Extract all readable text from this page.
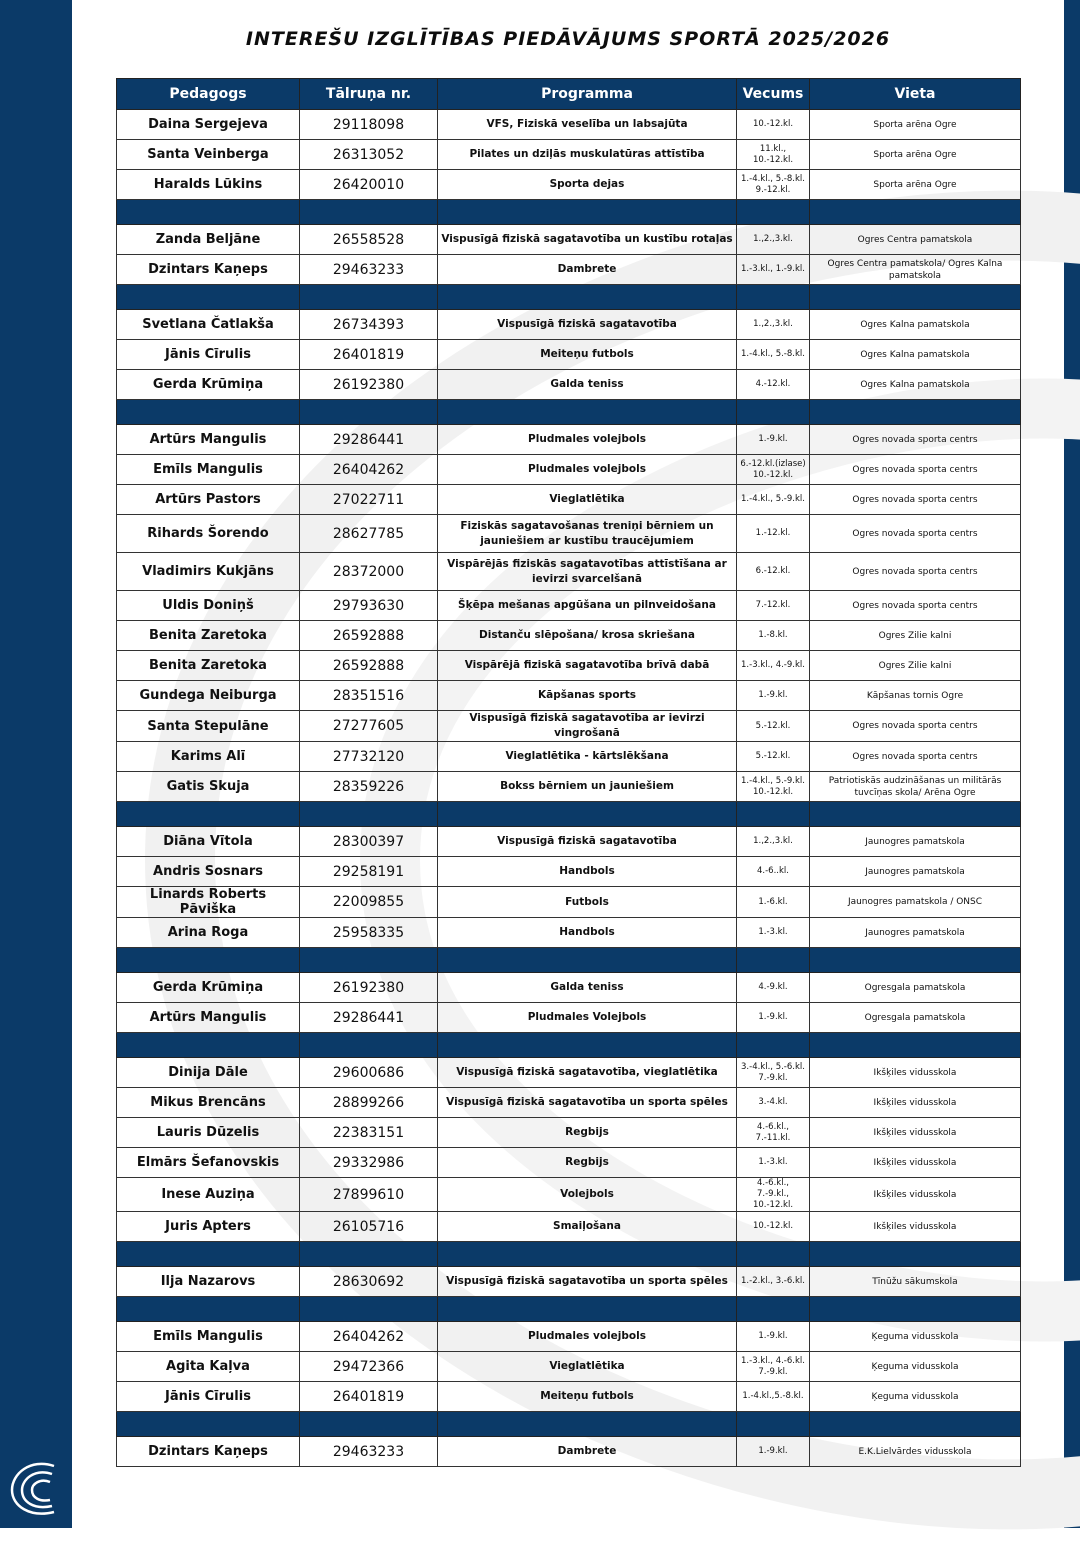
INTEREŠU IZGLĪTĪBAS PIEDĀVĀJUMS SPORTĀ 2025/2026
Pedagogs	Tālruņa nr.	Programma	Vecums	Vieta
Daina Sergejeva	29118098	VFS, Fiziskā veselība un labsajūta	10.-12.kl.	Sporta arēna Ogre
Santa Veinberga	26313052	Pilates un dziļās muskulatūras attīstība	11.kl., 10.-12.kl.	Sporta arēna Ogre
Haralds Lūkins	26420010	Sporta dejas	1.-4.kl., 5.-8.kl. 9.-12.kl.	Sporta arēna Ogre

Zanda Beljāne	26558528	Vispusīgā fiziskā sagatavotība un kustību rotaļas	1.,2.,3.kl.	Ogres Centra pamatskola
Dzintars Kaņeps	29463233	Dambrete	1.-3.kl., 1.-9.kl.	Ogres Centra pamatskola/ Ogres Kalna pamatskola

Svetlana Čatlakša	26734393	Vispusīgā fiziskā sagatavotība	1.,2.,3.kl.	Ogres Kalna pamatskola
Jānis Cīrulis	26401819	Meiteņu futbols	1.-4.kl., 5.-8.kl.	Ogres Kalna pamatskola
Gerda Krūmiņa	26192380	Galda teniss	4.-12.kl.	Ogres Kalna pamatskola

Artūrs Mangulis	29286441	Pludmales volejbols	1.-9.kl.	Ogres novada sporta centrs
Emīls Mangulis	26404262	Pludmales volejbols	6.-12.kl.(izlase) 10.-12.kl.	Ogres novada sporta centrs
Artūrs Pastors	27022711	Vieglatlētika	1.-4.kl., 5.-9.kl.	Ogres novada sporta centrs
Rihards Šorendo	28627785	Fiziskās sagatavošanas treniņi bērniem un jauniešiem ar kustību traucējumiem	1.-12.kl.	Ogres novada sporta centrs
Vladimirs Kukjāns	28372000	Vispārējās fiziskās sagatavotības attīstīšana ar ievirzi svarcelšanā	6.-12.kl.	Ogres novada sporta centrs
Uldis Doniņš	29793630	Šķēpa mešanas apgūšana un pilnveidošana	7.-12.kl.	Ogres novada sporta centrs
Benita Zaretoka	26592888	Distanču slēpošana/ krosa skriešana	1.-8.kl.	Ogres Zilie kalni
Benita Zaretoka	26592888	Vispārējā fiziskā sagatavotība brīvā dabā	1.-3.kl., 4.-9.kl.	Ogres Zilie kalni
Gundega Neiburga	28351516	Kāpšanas sports	1.-9.kl.	Kāpšanas tornis Ogre
Santa Stepulāne	27277605	Vispusīgā fiziskā sagatavotība ar ievirzi vingrošanā	5.-12.kl.	Ogres novada sporta centrs
Karims Alī	27732120	Vieglatlētika - kārtslēkšana	5.-12.kl.	Ogres novada sporta centrs
Gatis Skuja	28359226	Bokss bērniem un jauniešiem	1.-4.kl., 5.-9.kl. 10.-12.kl.	Patriotiskās audzināšanas un militārās tuvcīņas skola/ Arēna Ogre

Diāna Vītola	28300397	Vispusīgā fiziskā sagatavotība	1.,2.,3.kl.	Jaunogres pamatskola
Andris Sosnars	29258191	Handbols	4.-6..kl.	Jaunogres pamatskola
Linards Roberts Pāviška	22009855	Futbols	1.-6.kl.	Jaunogres pamatskola / ONSC
Arina Roga	25958335	Handbols	1.-3.kl.	Jaunogres pamatskola

Gerda Krūmiņa	26192380	Galda teniss	4.-9.kl.	Ogresgala pamatskola
Artūrs Mangulis	29286441	Pludmales Volejbols	1.-9.kl.	Ogresgala pamatskola

Dinija Dāle	29600686	Vispusīgā fiziskā sagatavotība, vieglatlētika	3.-4.kl., 5.-6.kl. 7.-9.kl.	Ikšķiles vidusskola
Mikus Brencāns	28899266	Vispusīgā fiziskā sagatavotība un sporta spēles	3.-4.kl.	Ikšķiles vidusskola
Lauris Dūzelis	22383151	Regbijs	4.-6.kl., 7.-11.kl.	Ikšķiles vidusskola
Elmārs Šefanovskis	29332986	Regbijs	1.-3.kl.	Ikšķiles vidusskola
Inese Auziņa	27899610	Volejbols	4.-6.kl., 7.-9.kl., 10.-12.kl.	Ikšķiles vidusskola
Juris Apters	26105716	Smaiļošana	10.-12.kl.	Ikšķiles vidusskola

Ilja Nazarovs	28630692	Vispusīgā fiziskā sagatavotība un sporta spēles	1.-2.kl., 3.-6.kl.	Tīnūžu sākumskola

Emīls Mangulis	26404262	Pludmales volejbols	1.-9.kl.	Ķeguma vidusskola
Agita Kaļva	29472366	Vieglatlētika	1.-3.kl., 4.-6.kl. 7.-9.kl.	Ķeguma vidusskola
Jānis Cīrulis	26401819	Meiteņu futbols	1.-4.kl.,5.-8.kl.	Ķeguma vidusskola

Dzintars Kaņeps	29463233	Dambrete	1.-9.kl.	E.K.Lielvārdes vidusskola
